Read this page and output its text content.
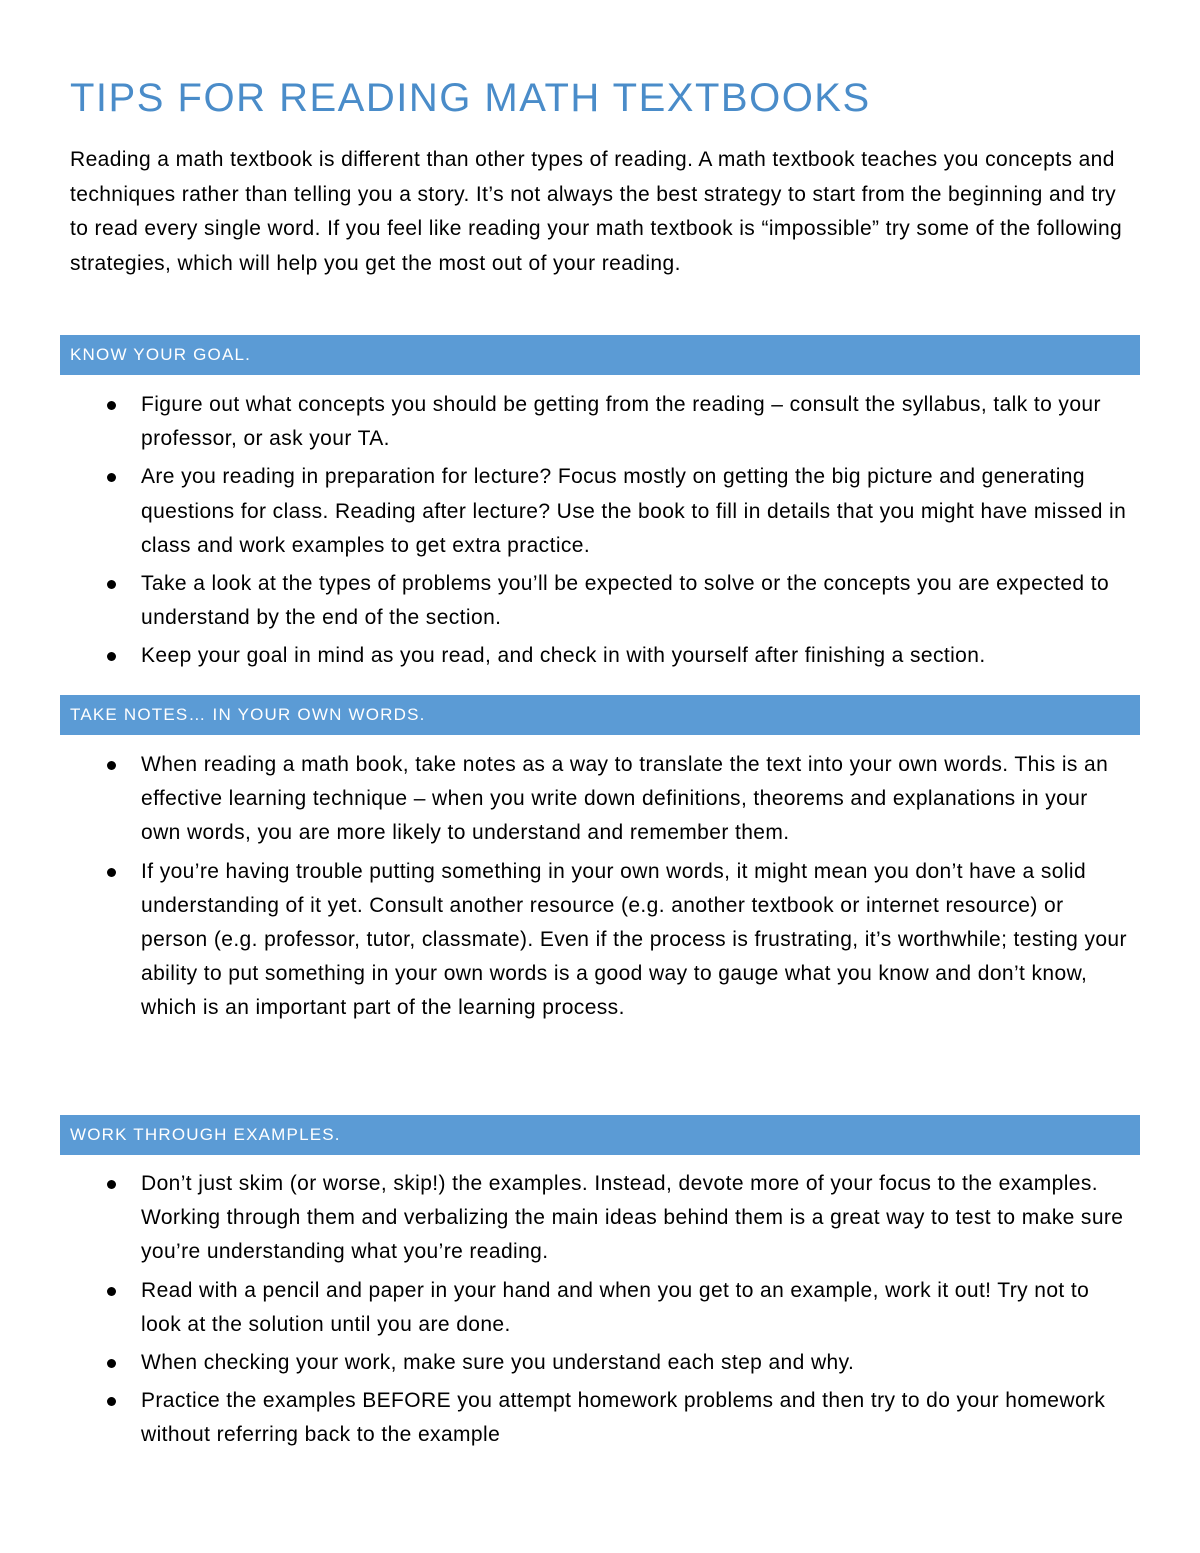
TIPS FOR READING MATH TEXTBOOKS

Reading a math textbook is different than other types of reading. A math textbook teaches you concepts and techniques rather than telling you a story. It’s not always the best strategy to start from the beginning and try to read every single word. If you feel like reading your math textbook is “impossible” try some of the following strategies, which will help you get the most out of your reading.

KNOW YOUR GOAL.
Figure out what concepts you should be getting from the reading – consult the syllabus, talk to your professor, or ask your TA.
Are you reading in preparation for lecture? Focus mostly on getting the big picture and generating questions for class. Reading after lecture? Use the book to fill in details that you might have missed in class and work examples to get extra practice.
Take a look at the types of problems you’ll be expected to solve or the concepts you are expected to understand by the end of the section.
Keep your goal in mind as you read, and check in with yourself after finishing a section.
TAKE NOTES… IN YOUR OWN WORDS.
When reading a math book, take notes as a way to translate the text into your own words. This is an effective learning technique – when you write down definitions, theorems and explanations in your own words, you are more likely to understand and remember them.
If you’re having trouble putting something in your own words, it might mean you don’t have a solid understanding of it yet. Consult another resource (e.g. another textbook or internet resource) or person (e.g. professor, tutor, classmate). Even if the process is frustrating, it’s worthwhile; testing your ability to put something in your own words is a good way to gauge what you know and don’t know, which is an important part of the learning process.
WORK THROUGH EXAMPLES.
Don’t just skim (or worse, skip!) the examples. Instead, devote more of your focus to the examples. Working through them and verbalizing the main ideas behind them is a great way to test to make sure you’re understanding what you’re reading.
Read with a pencil and paper in your hand and when you get to an example, work it out! Try not to look at the solution until you are done.
When checking your work, make sure you understand each step and why.
Practice the examples BEFORE you attempt homework problems and then try to do your homework without referring back to the example
